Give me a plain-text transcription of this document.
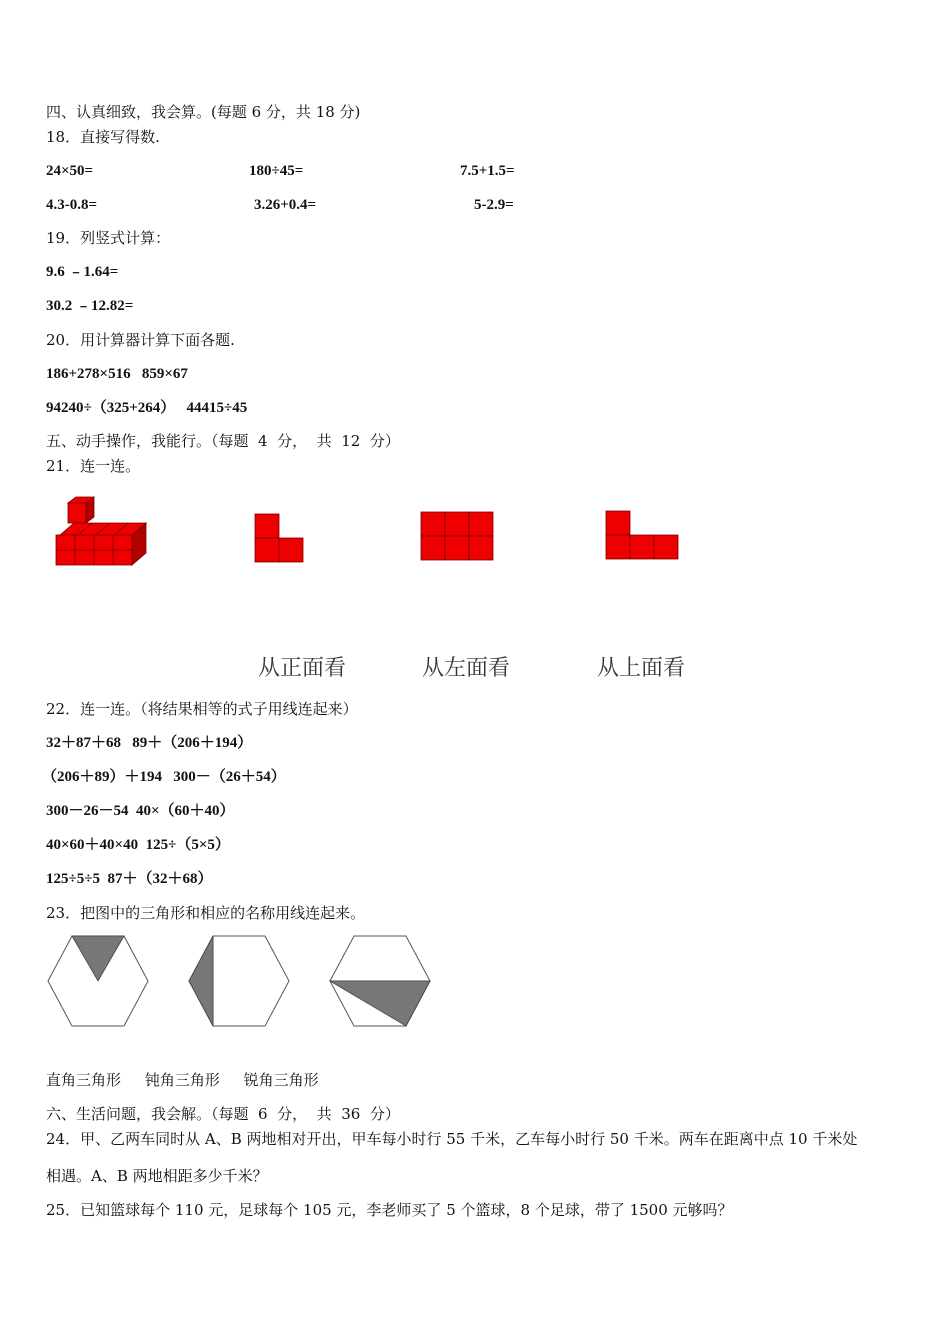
四、认真细致，我会算。(每题 6 分，共 18 分)
18．直接写得数.
24×50=	180÷45=	7.5+1.5=
4.3-0.8=	3.26+0.4=	5-2.9=
19．列竖式计算：
9.6 ﹣1.64=
30.2 ﹣12.82=
20．用计算器计算下面各题.
186+278×516   859×67
94240÷（325+264）   44415÷45
五、动手操作，我能行。（每题  4  分，  共  12  分）
21．连一连。
从正面看	从左面看	从上面看
22．连一连。（将结果相等的式子用线连起来）
32＋87＋68   89＋（206＋194）
（206＋89）＋194   300－（26＋54）
300－26－54  40×（60＋40）
40×60＋40×40  125÷（5×5）
125÷5÷5  87＋（32＋68）
23．把图中的三角形和相应的名称用线连起来。
直角三角形     钝角三角形     锐角三角形
六、生活问题，我会解。（每题  6  分，  共  36  分）
24．甲、乙两车同时从 A、B 两地相对开出，甲车每小时行 55 千米，乙车每小时行 50 千米。两车在距离中点 10 千米处
相遇。A、B 两地相距多少千米？
25．已知篮球每个 110 元，足球每个 105 元，李老师买了 5 个篮球，8 个足球，带了 1500 元够吗？
